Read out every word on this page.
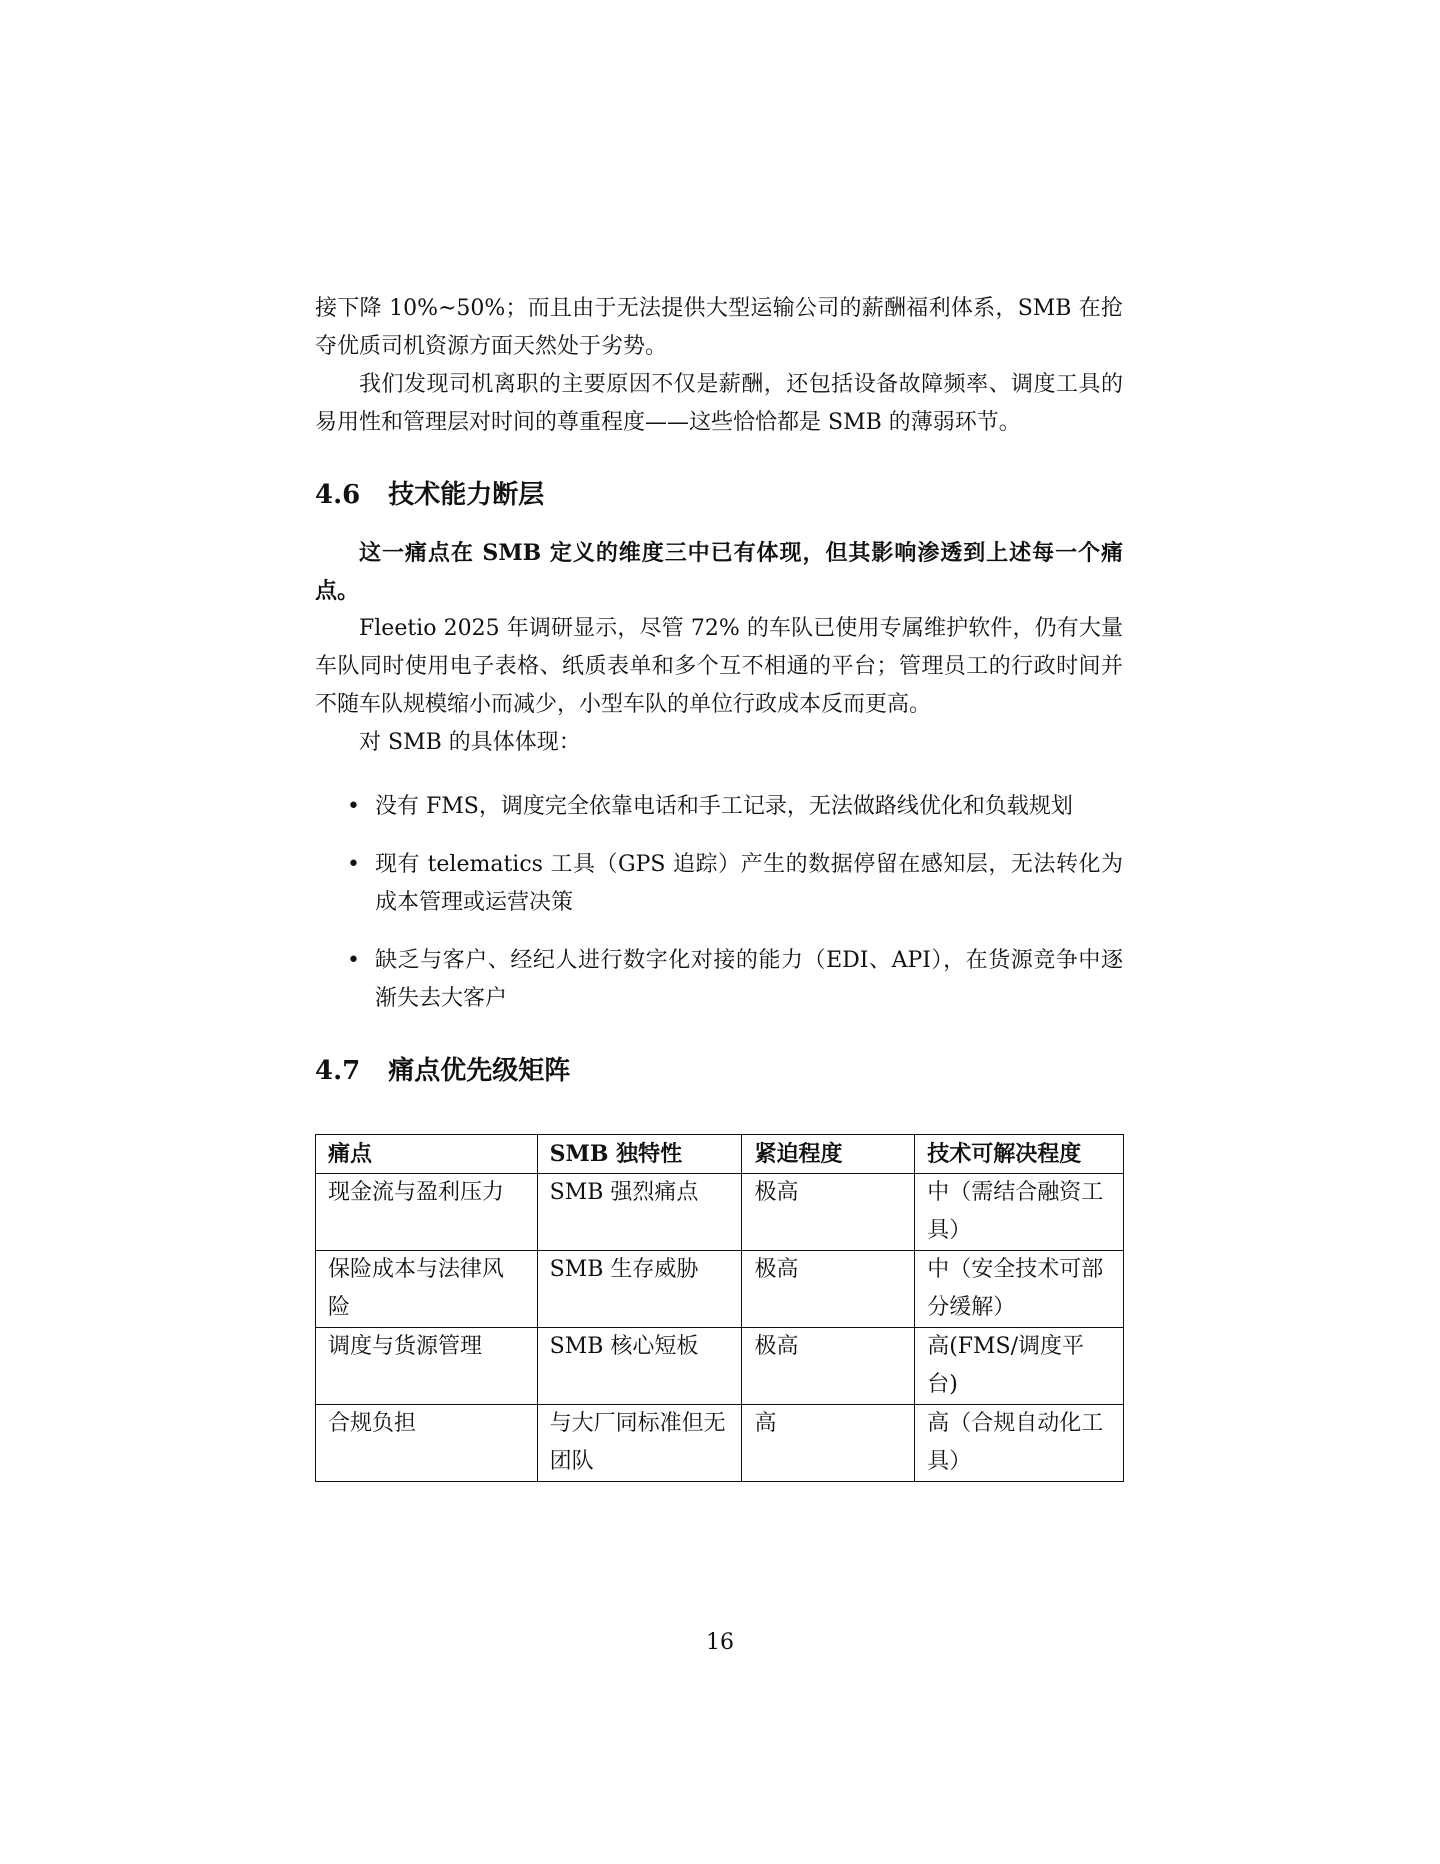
接下降 10%~50%；而且由于无法提供大型运输公司的薪酬福利体系，SMB 在抢夺优质司机资源方面天然处于劣势。

我们发现司机离职的主要原因不仅是薪酬，还包括设备故障频率、调度工具的易用性和管理层对时间的尊重程度——这些恰恰都是 SMB 的薄弱环节。

4.6 技术能力断层

这一痛点在 SMB 定义的维度三中已有体现，但其影响渗透到上述每一个痛点。

Fleetio 2025 年调研显示，尽管 72% 的车队已使用专属维护软件，仍有大量车队同时使用电子表格、纸质表单和多个互不相通的平台；管理员工的行政时间并不随车队规模缩小而减少，小型车队的单位行政成本反而更高。

对 SMB 的具体体现：

• 没有 FMS，调度完全依靠电话和手工记录，无法做路线优化和负载规划
• 现有 telematics 工具（GPS 追踪）产生的数据停留在感知层，无法转化为成本管理或运营决策
• 缺乏与客户、经纪人进行数字化对接的能力（EDI、API），在货源竞争中逐渐失去大客户
4.7 痛点优先级矩阵
痛点	SMB 独特性	紧迫程度	技术可解决程度
现金流与盈利压力	SMB 强烈痛点	极高	中（需结合融资工具）
保险成本与法律风险	SMB 生存威胁	极高	中（安全技术可部分缓解）
调度与货源管理	SMB 核心短板	极高	高(FMS/调度平台)
合规负担	与大厂同标准但无团队	高	高（合规自动化工具）
16
